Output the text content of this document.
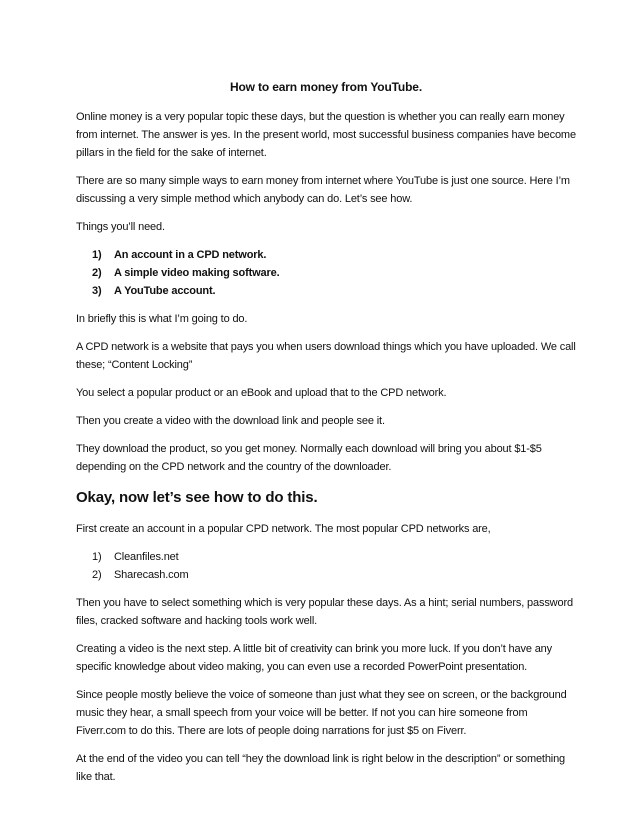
How to earn money from YouTube.

Online money is a very popular topic these days, but the question is whether you can really earn money from internet. The answer is yes. In the present world, most successful business companies have become pillars in the field for the sake of internet.

There are so many simple ways to earn money from internet where YouTube is just one source. Here I’m discussing a very simple method which anybody can do. Let’s see how.

Things you’ll need.

1)	An account in a CPD network.
2)	A simple video making software.
3)	A YouTube account.

In briefly this is what I’m going to do.

A CPD network is a website that pays you when users download things which you have uploaded. We call these; “Content Locking”

You select a popular product or an eBook and upload that to the CPD network.

Then you create a video with the download link and people see it.

They download the product, so you get money. Normally each download will bring you about $1-$5 depending on the CPD network and the country of the downloader.

Okay, now let’s see how to do this.

First create an account in a popular CPD network. The most popular CPD networks are,

1)	Cleanfiles.net
2)	Sharecash.com

Then you have to select something which is very popular these days. As a hint; serial numbers, password files, cracked software and hacking tools work well.

Creating a video is the next step. A little bit of creativity can brink you more luck. If you don’t have any specific knowledge about video making, you can even use a recorded PowerPoint presentation.

Since people mostly believe the voice of someone than just what they see on screen, or the background music they hear, a small speech from your voice will be better. If not you can hire someone from Fiverr.com to do this. There are lots of people doing narrations for just $5 on Fiverr.

At the end of the video you can tell “hey the download link is right below in the description” or something like that.
